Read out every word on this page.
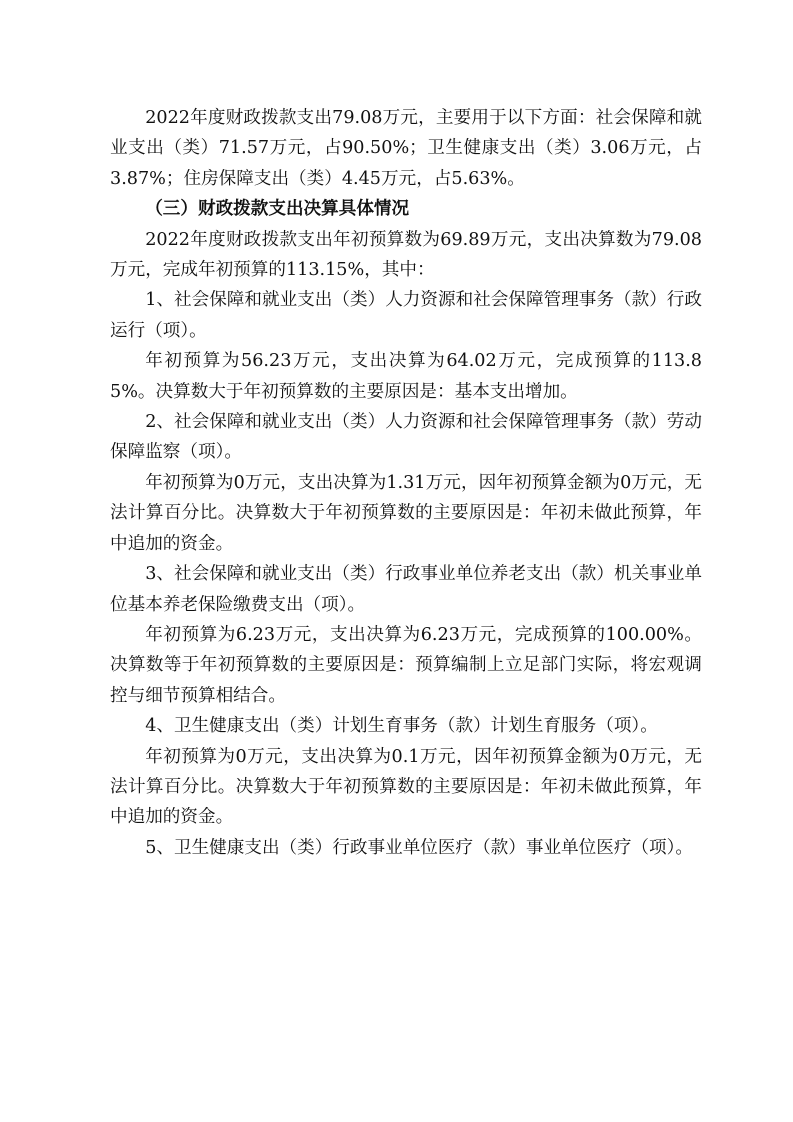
2022年度财政拨款支出79.08万元，主要用于以下方面：社会保障和就业支出（类）71.57万元，占90.50%；卫生健康支出（类）3.06万元，占3.87%；住房保障支出（类）4.45万元，占5.63%。

（三）财政拨款支出决算具体情况

2022年度财政拨款支出年初预算数为69.89万元，支出决算数为79.08万元，完成年初预算的113.15%，其中：

1、社会保障和就业支出（类）人力资源和社会保障管理事务（款）行政运行（项）。

年初预算为56.23万元，支出决算为64.02万元，完成预算的113.85%。决算数大于年初预算数的主要原因是：基本支出增加。

2、社会保障和就业支出（类）人力资源和社会保障管理事务（款）劳动保障监察（项）。

年初预算为0万元，支出决算为1.31万元，因年初预算金额为0万元，无法计算百分比。决算数大于年初预算数的主要原因是：年初未做此预算，年中追加的资金。

3、社会保障和就业支出（类）行政事业单位养老支出（款）机关事业单位基本养老保险缴费支出（项）。

年初预算为6.23万元，支出决算为6.23万元，完成预算的100.00%。决算数等于年初预算数的主要原因是：预算编制上立足部门实际，将宏观调控与细节预算相结合。

4、卫生健康支出（类）计划生育事务（款）计划生育服务（项）。

年初预算为0万元，支出决算为0.1万元，因年初预算金额为0万元，无法计算百分比。决算数大于年初预算数的主要原因是：年初未做此预算，年中追加的资金。

5、卫生健康支出（类）行政事业单位医疗（款）事业单位医疗（项）。
